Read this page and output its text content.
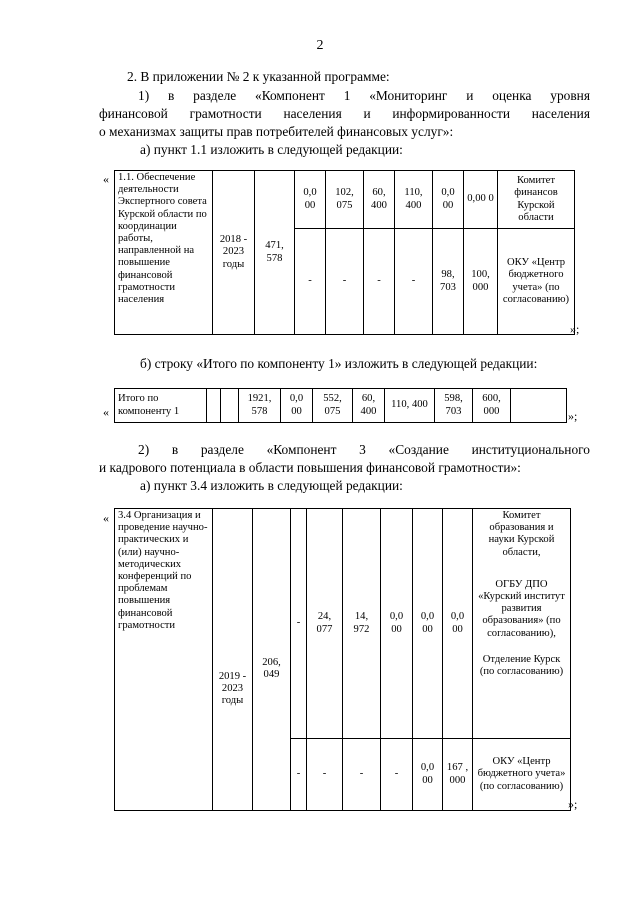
2
2. В приложении № 2 к указанной программе:
1) в разделе «Компонент 1 «Мониторинг и оценка уровня
финансовой грамотности населения и информированности населения
о механизмах защиты прав потребителей финансовых услуг»:
а) пункт 1.1 изложить в следующей редакции:
« 1.1. Обеспечение деятельности Экспертного совета Курской области по координации работы, направленной на повышение финансовой грамотности населения	2018 - 2023 годы	471, 578	0,0 00	102, 075	60, 400	110, 400	0,0 00	0,00 0	Комитет финансов Курской области
			-	-	-	-	98, 703	100, 000	ОКУ «Центр бюджетного учета» (по согласованию)
»;
б) строку «Итого по компоненту 1» изложить в следующей редакции:
«
Итого по компоненту 1			1921, 578	0,0 00	552, 075	60, 400	110, 400	598, 703	600, 000		»;
2) в разделе «Компонент 3 «Создание институционального
и кадрового потенциала в области повышения финансовой грамотности»:
а) пункт 3.4 изложить в следующей редакции:
« 3.4 Организация и проведение научно-практических и (или) научно-методических конференций по проблемам повышения финансовой грамотности	2019 - 2023 годы	206, 049	-	24, 077	14, 972	0,0 00	0,0 00	0,0 00	Комитет образования и науки Курской области,
ОГБУ ДПО «Курский институт развития образования» (по согласованию),
Отделение Курск (по согласованию)

			-	-	-	-	0,0 00	167 , 000	ОКУ «Центр бюджетного учета» (по согласованию)
»;
